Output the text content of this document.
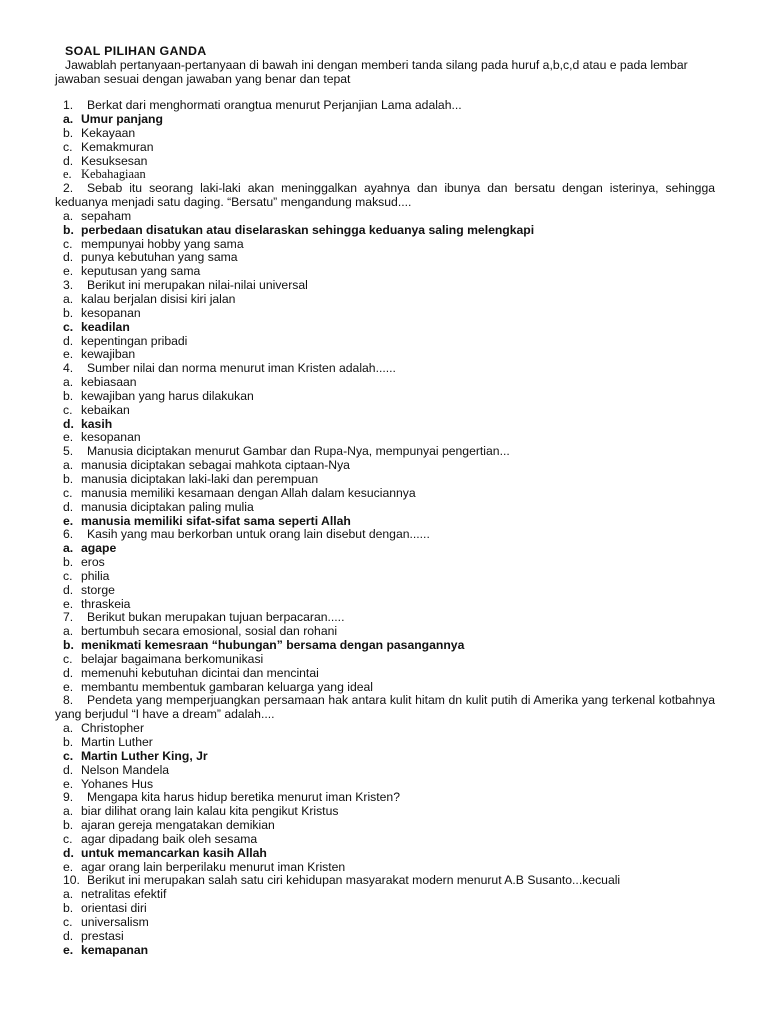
SOAL PILIHAN GANDA
Jawablah pertanyaan-pertanyaan di bawah ini dengan memberi tanda silang pada huruf a,b,c,d atau e pada lembar jawaban sesuai dengan jawaban yang benar dan tepat
1. Berkat dari menghormati orangtua menurut Perjanjian Lama adalah...
a. Umur panjang
b. Kekayaan
c. Kemakmuran
d. Kesuksesan
e. Kebahagiaan
2. Sebab itu seorang laki-laki akan meninggalkan ayahnya dan ibunya dan bersatu dengan isterinya, sehingga keduanya menjadi satu daging. “Bersatu” mengandung maksud....
a. sepaham
b. perbedaan disatukan atau diselaraskan sehingga keduanya saling melengkapi
c. mempunyai hobby yang sama
d. punya kebutuhan yang sama
e. keputusan yang sama
3. Berikut ini merupakan nilai-nilai universal
a. kalau berjalan disisi kiri jalan
b. kesopanan
c. keadilan
d. kepentingan pribadi
e. kewajiban
4. Sumber nilai dan norma menurut iman Kristen adalah......
a. kebiasaan
b. kewajiban yang harus dilakukan
c. kebaikan
d. kasih
e. kesopanan
5. Manusia diciptakan menurut Gambar dan Rupa-Nya, mempunyai pengertian...
a. manusia diciptakan sebagai mahkota ciptaan-Nya
b. manusia diciptakan laki-laki dan perempuan
c. manusia memiliki kesamaan dengan Allah dalam kesuciannya
d. manusia diciptakan paling mulia
e. manusia memiliki sifat-sifat sama seperti Allah
6. Kasih yang mau berkorban untuk orang lain disebut dengan......
a. agape
b. eros
c. philia
d. storge
e. thraskeia
7. Berikut bukan merupakan tujuan berpacaran.....
a. bertumbuh secara emosional, sosial dan rohani
b. menikmati kemesraan “hubungan” bersama dengan pasangannya
c. belajar bagaimana berkomunikasi
d. memenuhi kebutuhan dicintai dan mencintai
e. membantu membentuk gambaran keluarga yang ideal
8. Pendeta yang memperjuangkan persamaan hak antara kulit hitam dn kulit putih di Amerika yang terkenal kotbahnya yang berjudul “I have a dream” adalah....
a. Christopher
b. Martin Luther
c. Martin Luther King, Jr
d. Nelson Mandela
e. Yohanes Hus
9. Mengapa kita harus hidup beretika menurut iman Kristen?
a. biar dilihat orang lain kalau kita pengikut Kristus
b. ajaran gereja mengatakan demikian
c. agar dipadang baik oleh sesama
d. untuk memancarkan kasih Allah
e. agar orang lain berperilaku menurut iman Kristen
10. Berikut ini merupakan salah satu ciri kehidupan masyarakat modern menurut A.B Susanto...kecuali
a. netralitas efektif
b. orientasi diri
c. universalism
d. prestasi
e. kemapanan
